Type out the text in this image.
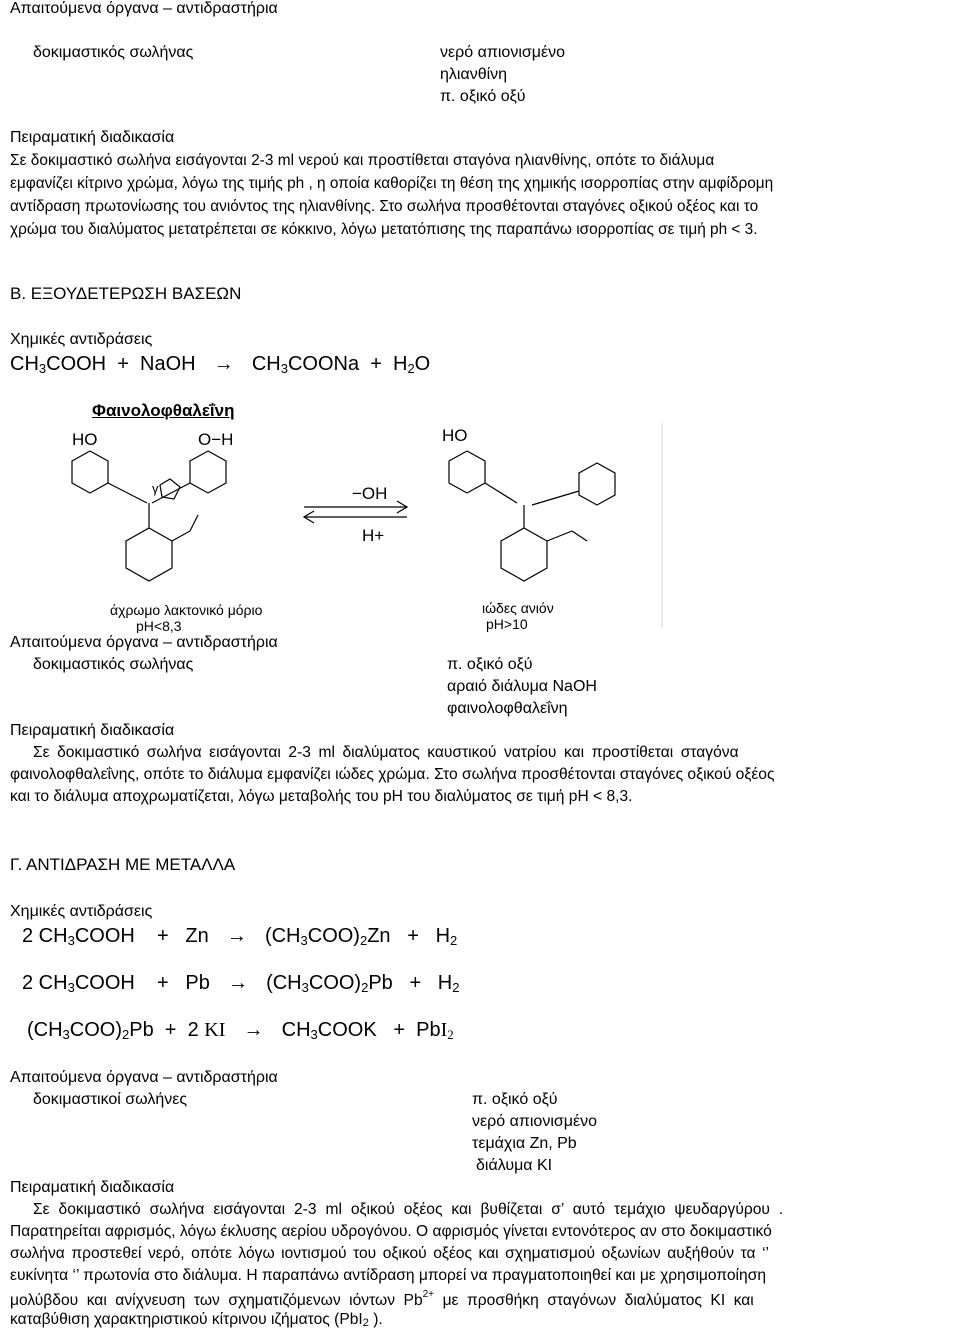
Απαιτούμενα όργανα – αντιδραστήρια
δοκιμαστικός σωλήνας	νερό απιονισμένο
ηλιανθίνη
π. οξικό οξύ
Πειραματική διαδικασία
Σε δοκιμαστικό σωλήνα εισάγονται 2-3 ml νερού και προστίθεται σταγόνα ηλιανθίνης, οπότε το διάλυμα
εμφανίζει κίτρινο χρώμα, λόγω της τιμής ph , η οποία καθορίζει τη θέση της χημικής ισορροπίας στην αμφίδρομη
αντίδραση πρωτονίωσης του ανιόντος της ηλιανθίνης. Στο σωλήνα προσθέτονται σταγόνες οξικού οξέος και το
χρώμα του διαλύματος μετατρέπεται σε κόκκινο, λόγω μετατόπισης της παραπάνω ισορροπίας σε τιμή ph < 3.
Β. ΕΞΟΥΔΕΤΕΡΩΣΗ ΒΑΣΕΩΝ
Χημικές αντιδράσεις
$CH_3COOH$  +  NaOH  →  $CH_3COONa + H_2O$
Φαινολοφθαλεΐνη
HO	O−H
γ
άχρωμο λακτονικό μόριο
pH<8,3
−OH
H+
HO
ιώδες ανιόν
pH>10
Απαιτούμενα όργανα – αντιδραστήρια
δοκιμαστικός σωλήνας	π. οξικό οξύ
αραιό διάλυμα NaOH
φαινολοφθαλεΐνη
Πειραματική διαδικασία
Σε δοκιμαστικό σωλήνα εισάγονται 2-3 ml διαλύματος καυστικού νατρίου και προστίθεται σταγόνα
φαινολοφθαλεΐνης, οπότε το διάλυμα εμφανίζει ιώδες χρώμα. Στο σωλήνα προσθέτονται σταγόνες οξικού οξέος
και το διάλυμα αποχρωματίζεται, λόγω μεταβολής του pH του διαλύματος σε τιμή pH < 8,3.
Γ. ΑΝΤΙΔΡΑΣΗ ΜΕ ΜΕΤΑΛΛΑ
Χημικές αντιδράσεις
2 $CH_3COOH$    +   $Zn \to (CH_3COO)_2Zn + H_2$
2 $CH_3COOH$    +   $Pb \to (CH_3COO)_2Pb + H_2$
$(CH_3COO)_2Pb + 2$ KI →  $CH_3COOK + PbI_2$
Απαιτούμενα όργανα – αντιδραστήρια
δοκιμαστικοί σωλήνες	π. οξικό οξύ
νερό απιονισμένο
τεμάχια Zn, Pb
διάλυμα KI
Πειραματική διαδικασία
Σε δοκιμαστικό σωλήνα εισάγονται 2-3 ml οξικού οξέος και βυθίζεται σ’ αυτό τεμάχιο ψευδαργύρου .
Παρατηρείται αφρισμός, λόγω έκλυσης αερίου υδρογόνου. Ο αφρισμός γίνεται εντονότερος αν στο δοκιμαστικό
σωλήνα προστεθεί νερό, οπότε λόγω ιοντισμού του οξικού οξέος και σχηματισμού οξωνίων αυξήθούν τα ‘’
ευκίνητα ‘’ πρωτονία στο διάλυμα. Η παραπάνω αντίδραση μπορεί να πραγματοποιηθεί και με χρησιμοποίηση
μολύβδου και ανίχνευση των σχηματιζόμενων ιόντων $Pb^{2+}$ με προσθήκη σταγόνων διαλύματος KI και
καταβύθιση χαρακτηριστικού κίτρινου ιζήματος (PbI$_2$ ).
